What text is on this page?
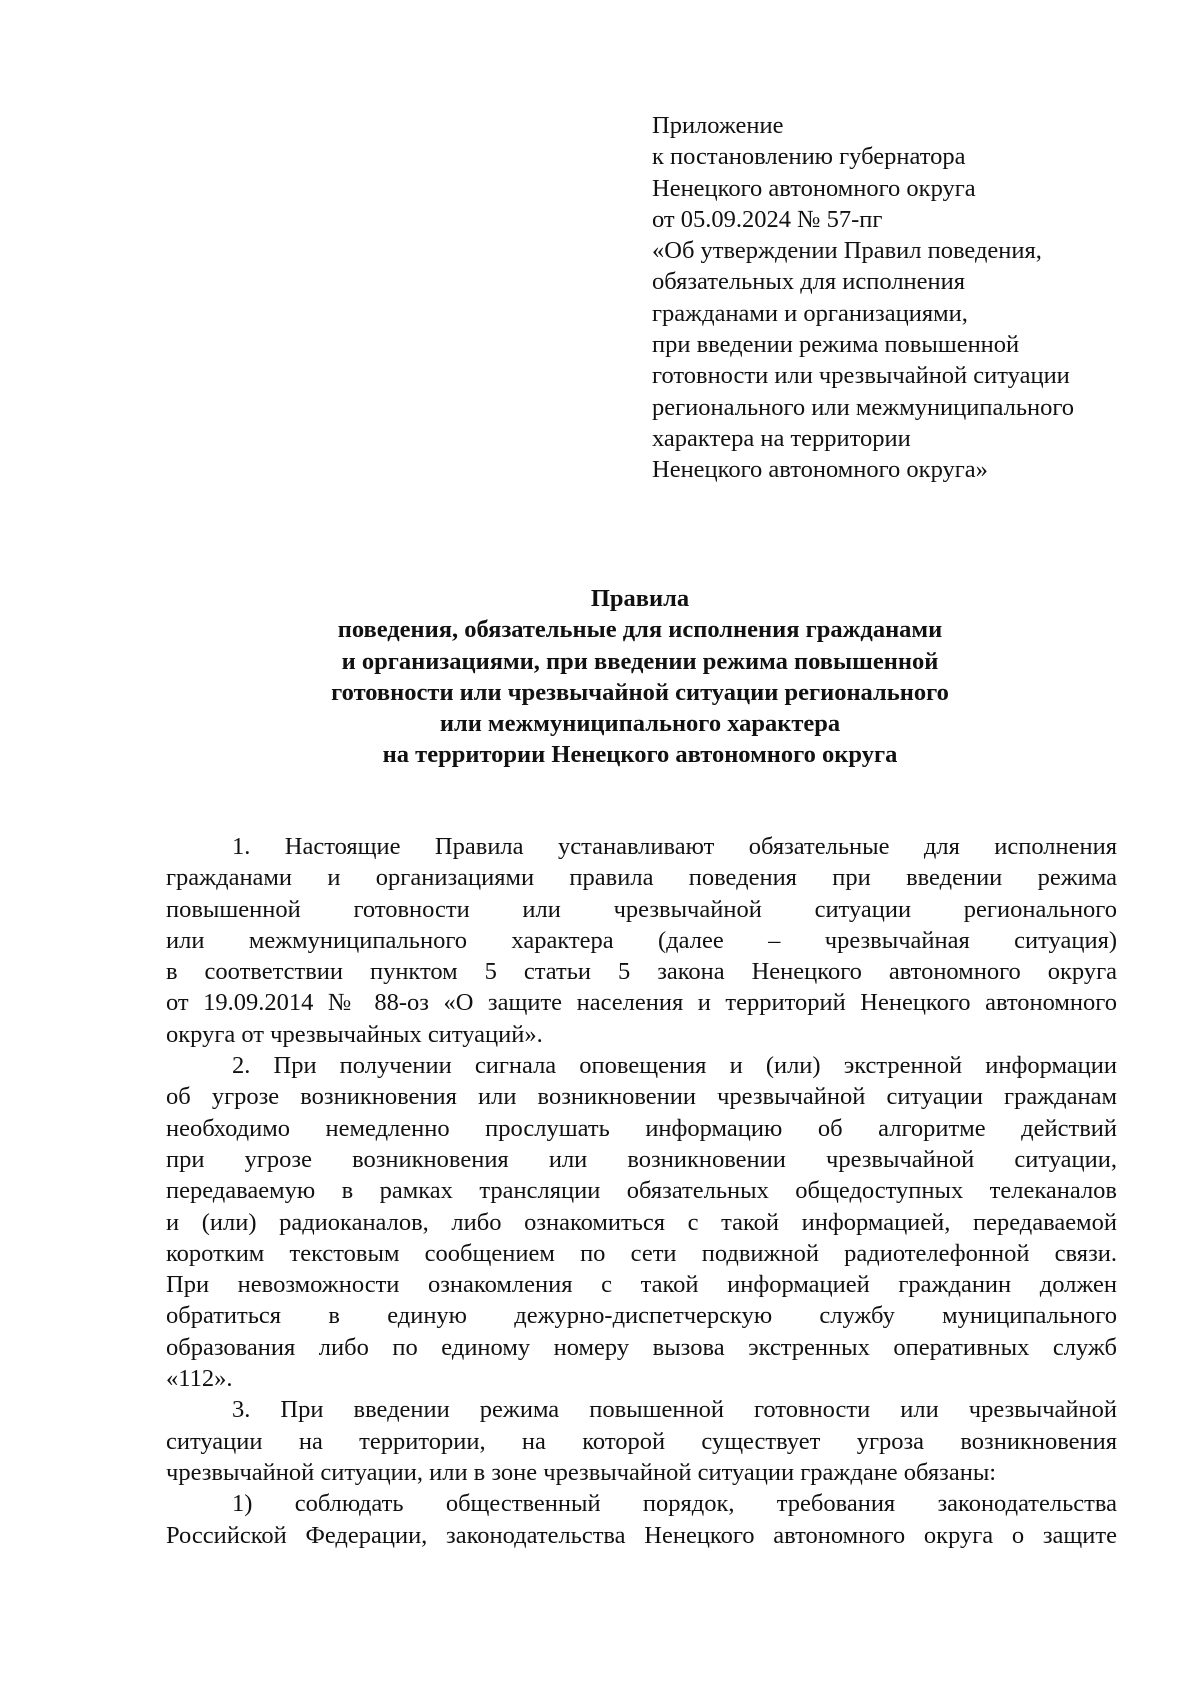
Приложение
к постановлению губернатора
Ненецкого автономного округа
от 05.09.2024 № 57-пг
«Об утверждении Правил поведения,
обязательных для исполнения
гражданами и организациями,
при введении режима повышенной
готовности или чрезвычайной ситуации
регионального или межмуниципального
характера на территории
Ненецкого автономного округа»
Правила
поведения, обязательные для исполнения гражданами
и организациями, при введении режима повышенной
готовности или чрезвычайной ситуации регионального
или межмуниципального характера
на территории Ненецкого автономного округа
1. Настоящие Правила устанавливают обязательные для исполнения
гражданами и организациями правила поведения при введении режима
повышенной готовности или чрезвычайной ситуации регионального
или межмуниципального характера (далее – чрезвычайная ситуация)
в соответствии пунктом 5 статьи 5 закона Ненецкого автономного округа
от 19.09.2014 № 88-оз «О защите населения и территорий Ненецкого автономного
округа от чрезвычайных ситуаций».
2. При получении сигнала оповещения и (или) экстренной информации
об угрозе возникновения или возникновении чрезвычайной ситуации гражданам
необходимо немедленно прослушать информацию об алгоритме действий
при угрозе возникновения или возникновении чрезвычайной ситуации,
передаваемую в рамках трансляции обязательных общедоступных телеканалов
и (или) радиоканалов, либо ознакомиться с такой информацией, передаваемой
коротким текстовым сообщением по сети подвижной радиотелефонной связи.
При невозможности ознакомления с такой информацией гражданин должен
обратиться в единую дежурно-диспетчерскую службу муниципального
образования либо по единому номеру вызова экстренных оперативных служб
«112».
3. При введении режима повышенной готовности или чрезвычайной
ситуации на территории, на которой существует угроза возникновения
чрезвычайной ситуации, или в зоне чрезвычайной ситуации граждане обязаны:
1) соблюдать общественный порядок, требования законодательства
Российской Федерации, законодательства Ненецкого автономного округа о защите
